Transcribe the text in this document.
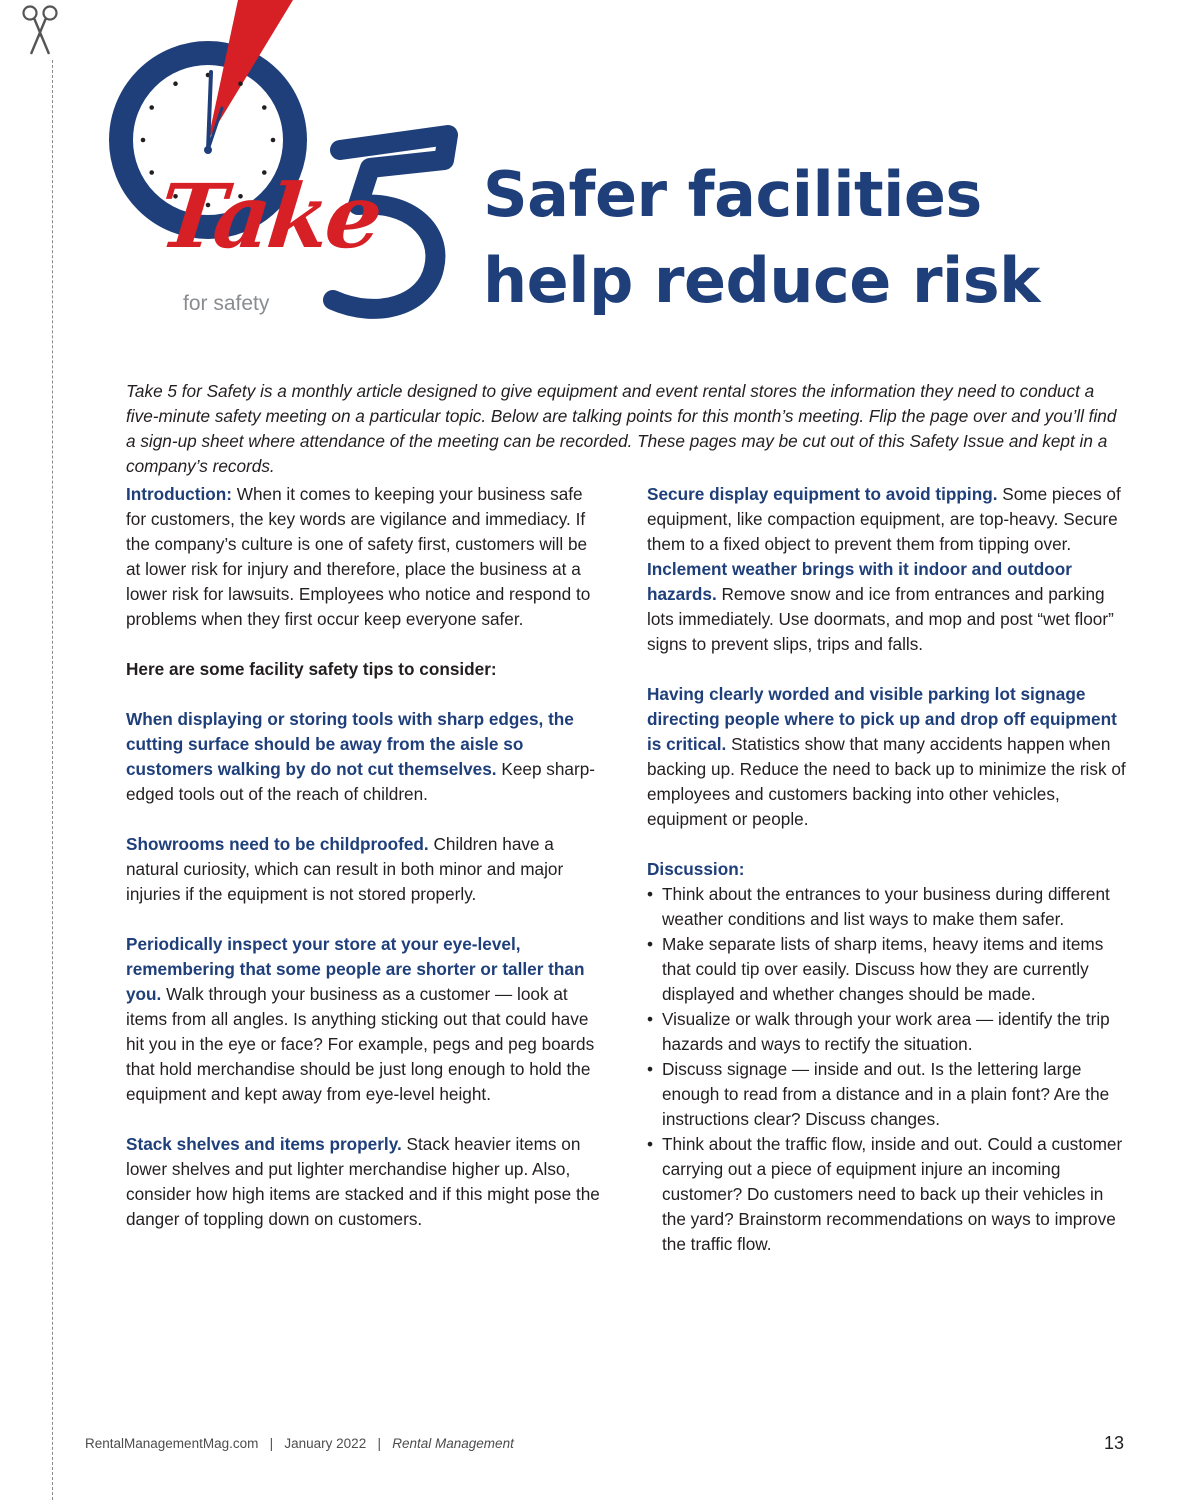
Take
for safety
Safer facilities
help reduce risk

Take 5 for Safety is a monthly article designed to give equipment and event rental stores the information they need to conduct a five-minute safety meeting on a particular topic. Below are talking points for this month’s meeting. Flip the page over and you’ll find a sign-up sheet where attendance of the meeting can be recorded. These pages may be cut out of this Safety Issue and kept in a company’s records.

Introduction: When it comes to keeping your business safe for customers, the key words are vigilance and immediacy. If the company’s culture is one of safety first, customers will be at lower risk for injury and therefore, place the business at a lower risk for lawsuits. Employees who notice and respond to problems when they first occur keep everyone safer.

Here are some facility safety tips to consider:

When displaying or storing tools with sharp edges, the cutting surface should be away from the aisle so customers walking by do not cut themselves. Keep sharp-edged tools out of the reach of children.

Showrooms need to be childproofed. Children have a natural curiosity, which can result in both minor and major injuries if the equipment is not stored properly.

Periodically inspect your store at your eye-level, remembering that some people are shorter or taller than you. Walk through your business as a customer — look at items from all angles. Is anything sticking out that could have hit you in the eye or face? For example, pegs and peg boards that hold merchandise should be just long enough to hold the equipment and kept away from eye-level height.

Stack shelves and items properly. Stack heavier items on lower shelves and put lighter merchandise higher up. Also, consider how high items are stacked and if this might pose the danger of toppling down on customers.

Secure display equipment to avoid tipping. Some pieces of equipment, like compaction equipment, are top-heavy. Secure them to a fixed object to prevent them from tipping over.

Inclement weather brings with it indoor and outdoor hazards. Remove snow and ice from entrances and parking lots immediately. Use doormats, and mop and post “wet floor” signs to prevent slips, trips and falls.

Having clearly worded and visible parking lot signage directing people where to pick up and drop off equipment is critical. Statistics show that many accidents happen when backing up. Reduce the need to back up to minimize the risk of employees and customers backing into other vehicles, equipment or people.

Discussion:

• Think about the entrances to your business during different weather conditions and list ways to make them safer.
• Make separate lists of sharp items, heavy items and items that could tip over easily. Discuss how they are currently displayed and whether changes should be made.
• Visualize or walk through your work area — identify the trip hazards and ways to rectify the situation.
• Discuss signage — inside and out. Is the lettering large enough to read from a distance and in a plain font? Are the instructions clear? Discuss changes.
• Think about the traffic flow, inside and out. Could a customer carrying out a piece of equipment injure an incoming customer? Do customers need to back up their vehicles in the yard? Brainstorm recommendations on ways to improve the traffic flow.
RentalManagementMag.com | January 2022 | Rental Management	13
